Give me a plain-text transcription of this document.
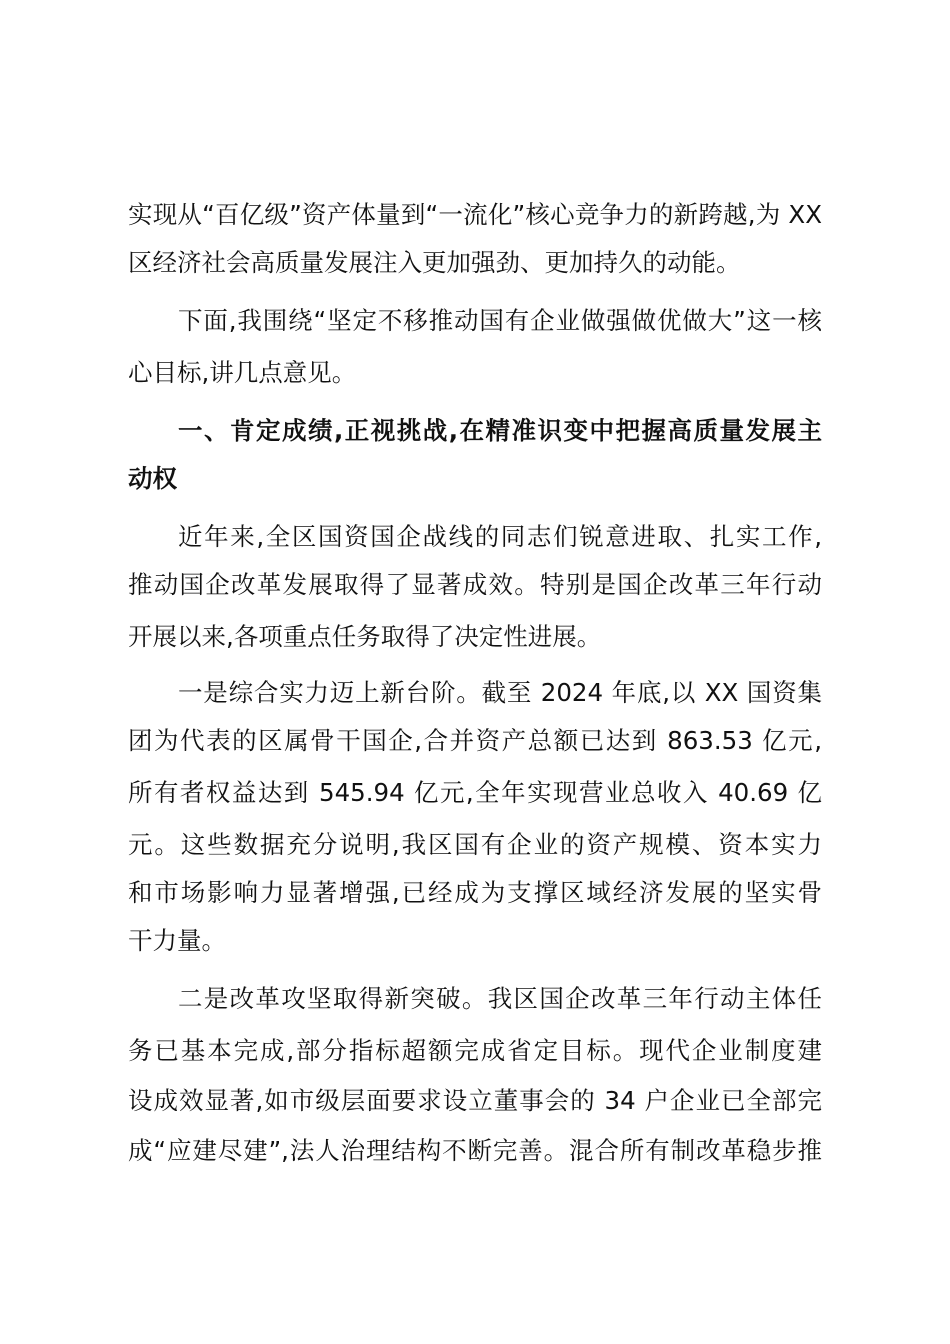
实现从“百亿级”资产体量到“一流化”核心竞争力的新跨越,为 XX
区经济社会高质量发展注入更加强劲、更加持久的动能。
下面,我围绕“坚定不移推动国有企业做强做优做大”这一核
心目标,讲几点意见。
一、肯定成绩,正视挑战,在精准识变中把握高质量发展主
动权
近年来,全区国资国企战线的同志们锐意进取、扎实工作,
推动国企改革发展取得了显著成效。特别是国企改革三年行动
开展以来,各项重点任务取得了决定性进展。
一是综合实力迈上新台阶。截至 2024 年底,以 XX 国资集
团为代表的区属骨干国企,合并资产总额已达到 863.53 亿元,
所有者权益达到 545.94 亿元,全年实现营业总收入 40.69 亿
元。这些数据充分说明,我区国有企业的资产规模、资本实力
和市场影响力显著增强,已经成为支撑区域经济发展的坚实骨
干力量。
二是改革攻坚取得新突破。我区国企改革三年行动主体任
务已基本完成,部分指标超额完成省定目标。现代企业制度建
设成效显著,如市级层面要求设立董事会的 34 户企业已全部完
成“应建尽建”,法人治理结构不断完善。混合所有制改革稳步推
